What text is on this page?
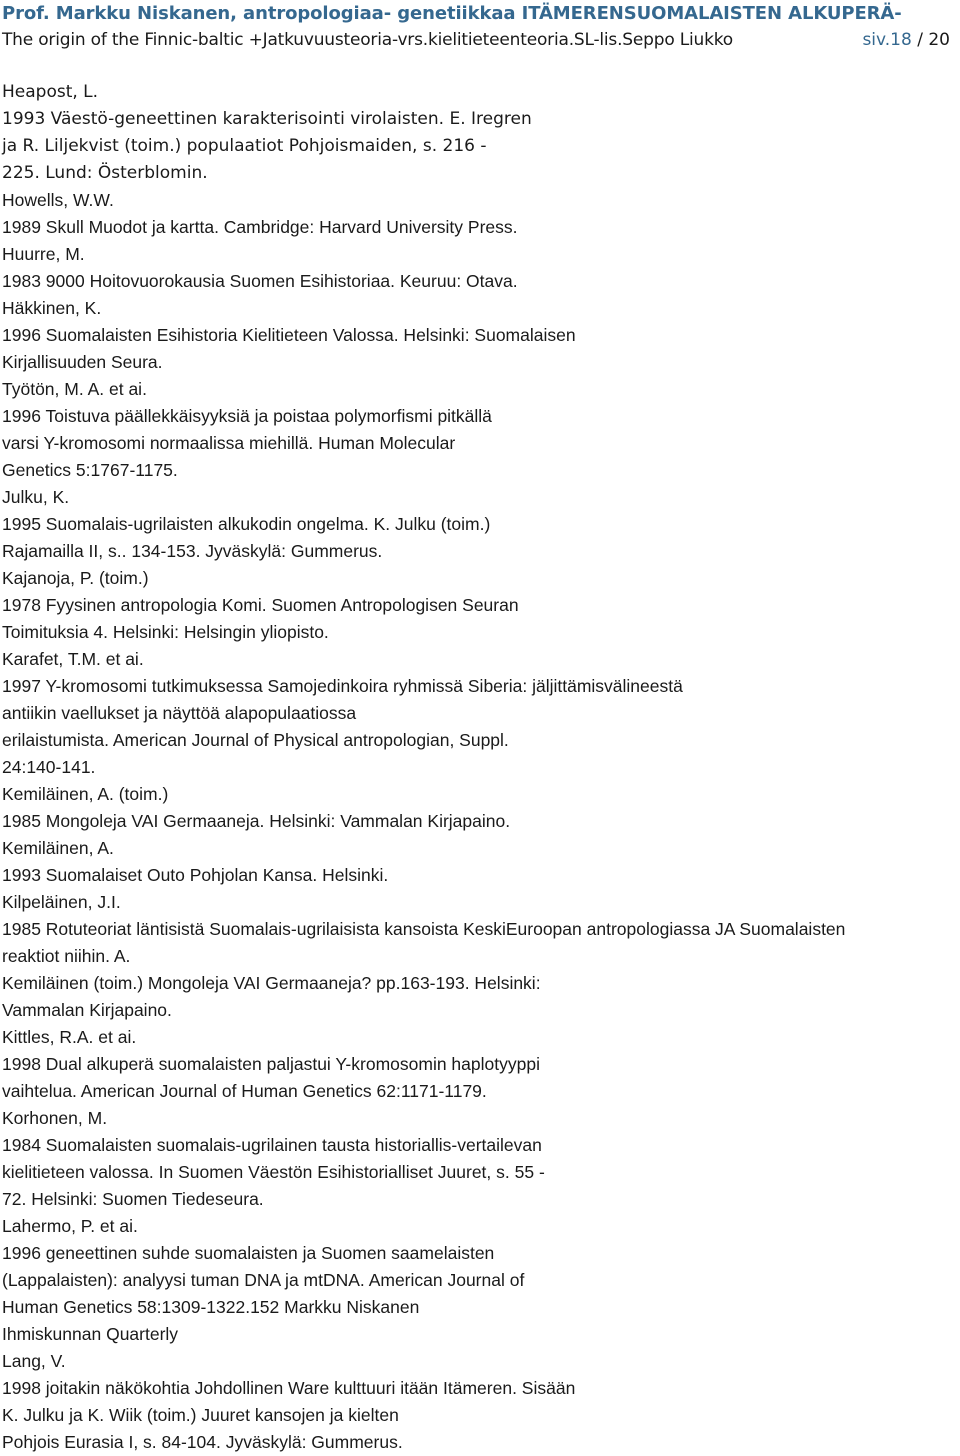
Prof. Markku Niskanen, antropologiaa- genetiikkaa ITÄMERENSUOMALAISTEN ALKUPERÄ-
The origin of the Finnic-baltic +Jatkuvuusteoria-vrs.kielitieteenteoria.SL-lis.Seppo Liukko	siv.18 / 20
Heapost, L.
1993 Väestö-geneettinen karakterisointi virolaisten. E. Iregren
ja R. Liljekvist (toim.) populaatiot Pohjoismaiden, s. 216 -
225. Lund: Österblomin.
Howells, W.W.
1989 Skull Muodot ja kartta. Cambridge: Harvard University Press.
Huurre, M.
1983 9000 Hoitovuorokausia Suomen Esihistoriaa. Keuruu: Otava.
Häkkinen, K.
1996 Suomalaisten Esihistoria Kielitieteen Valossa. Helsinki: Suomalaisen
Kirjallisuuden Seura.
Työtön, M. A. et ai.
1996 Toistuva päällekkäisyyksiä ja poistaa polymorfismi pitkällä
varsi Y-kromosomi normaalissa miehillä. Human Molecular
Genetics 5:1767-1175.
Julku, K.
1995 Suomalais-ugrilaisten alkukodin ongelma. K. Julku (toim.)
Rajamailla II, s.. 134-153. Jyväskylä: Gummerus.
Kajanoja, P. (toim.)
1978 Fyysinen antropologia Komi. Suomen Antropologisen Seuran
Toimituksia 4. Helsinki: Helsingin yliopisto.
Karafet, T.M. et ai.
1997 Y-kromosomi tutkimuksessa Samojedinkoira ryhmissä Siberia: jäljittämisvälineestä
antiikin vaellukset ja näyttöä alapopulaatiossa
erilaistumista. American Journal of Physical antropologian, Suppl.
24:140-141.
Kemiläinen, A. (toim.)
1985 Mongoleja VAI Germaaneja. Helsinki: Vammalan Kirjapaino.
Kemiläinen, A.
1993 Suomalaiset Outo Pohjolan Kansa. Helsinki.
Kilpeläinen, J.I.
1985 Rotuteoriat läntisistä Suomalais-ugrilaisista kansoista KeskiEuroopan antropologiassa JA Suomalaisten
reaktiot niihin. A.
Kemiläinen (toim.) Mongoleja VAI Germaaneja? pp.163-193. Helsinki:
Vammalan Kirjapaino.
Kittles, R.A. et ai.
1998 Dual alkuperä suomalaisten paljastui Y-kromosomin haplotyyppi
vaihtelua. American Journal of Human Genetics 62:1171-1179.
Korhonen, M.
1984 Suomalaisten suomalais-ugrilainen tausta historiallis-vertailevan
kielitieteen valossa. In Suomen Väestön Esihistorialliset Juuret, s. 55 -
72. Helsinki: Suomen Tiedeseura.
Lahermo, P. et ai.
1996 geneettinen suhde suomalaisten ja Suomen saamelaisten
(Lappalaisten): analyysi tuman DNA ja mtDNA. American Journal of
Human Genetics 58:1309-1322.152 Markku Niskanen
Ihmiskunnan Quarterly
Lang, V.
1998 joitakin näkökohtia Johdollinen Ware kulttuuri itään Itämeren. Sisään
K. Julku ja K. Wiik (toim.) Juuret kansojen ja kielten
Pohjois Eurasia I, s. 84-104. Jyväskylä: Gummerus.
